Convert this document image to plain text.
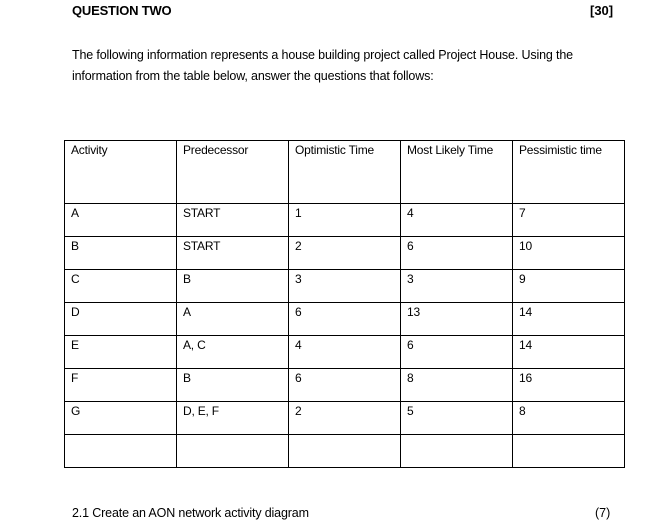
QUESTION TWO	[30]
The following information represents a house building project called Project House. Using the
information from the table below, answer the questions that follows:
Activity	Predecessor	Optimistic Time	Most Likely Time	Pessimistic time
A	START	1	4	7
B	START	2	6	10
C	B	3	3	9
D	A	6	13	14
E	A, C	4	6	14
F	B	6	8	16
G	D, E, F	2	5	8

2.1 Create an AON network activity diagram	(7)
